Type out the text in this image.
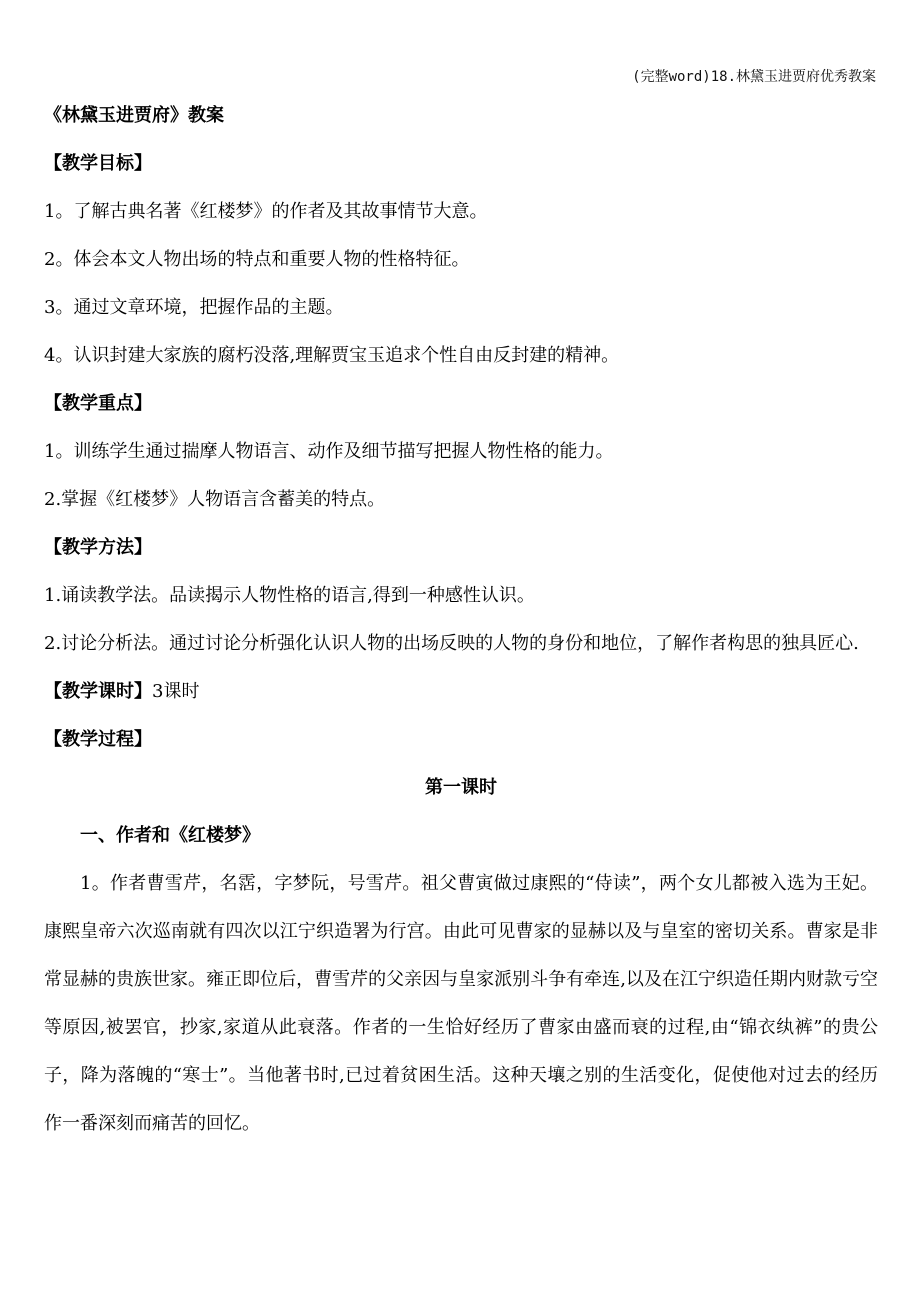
(完整word)18.林黛玉进贾府优秀教案
《林黛玉进贾府》教案
【教学目标】
1。了解古典名著《红楼梦》的作者及其故事情节大意。
2。体会本文人物出场的特点和重要人物的性格特征。
3。通过文章环境，把握作品的主题。
4。认识封建大家族的腐朽没落,理解贾宝玉追求个性自由反封建的精神。
【教学重点】
1。训练学生通过揣摩人物语言、动作及细节描写把握人物性格的能力。
2.掌握《红楼梦》人物语言含蓄美的特点。
【教学方法】
1.诵读教学法。品读揭示人物性格的语言,得到一种感性认识。

2.讨论分析法。通过讨论分析强化认识人物的出场反映的人物的身份和地位，了解作者构思的独具匠心.

【教学课时】3课时
【教学过程】
第一课时
一、作者和《红楼梦》

1。作者曹雪芹，名霑，字梦阮，号雪芹。祖父曹寅做过康熙的“侍读”，两个女儿都被入选为王妃。康熙皇帝六次巡南就有四次以江宁织造署为行宫。由此可见曹家的显赫以及与皇室的密切关系。曹家是非常显赫的贵族世家。雍正即位后，曹雪芹的父亲因与皇家派别斗争有牵连,以及在江宁织造任期内财款亏空等原因,被罢官，抄家,家道从此衰落。作者的一生恰好经历了曹家由盛而衰的过程,由“锦衣纨裤”的贵公子，降为落魄的“寒士”。当他著书时,已过着贫困生活。这种天壤之别的生活变化，促使他对过去的经历作一番深刻而痛苦的回忆。
